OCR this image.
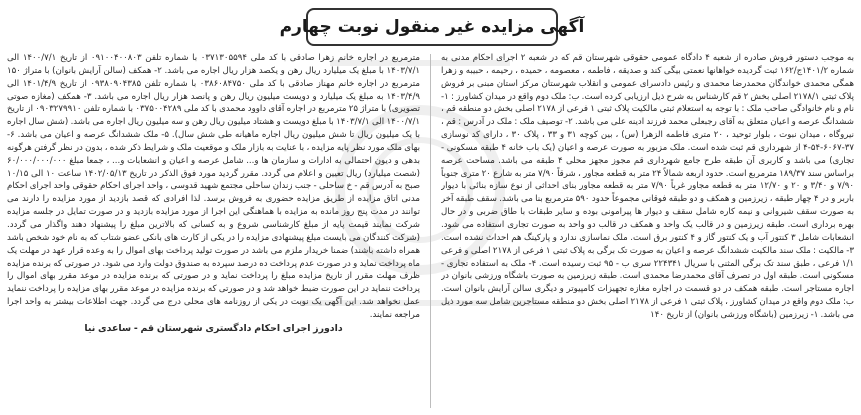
آگهی مزایده غیر منقول نوبت چهارم
به موجب دستور فروش صادره از شعبه ۴ دادگاه عمومی حقوقی شهرستان قم که در شعبه ۲ اجرای احکام مدنی به شماره ۱۴۰۱/۲ج/۱۶۲ ثبت گردیده خواهانها نعمتی بیگی کند و صدیقه ، فاطمه ، معصومه ، حمیده ، رحیمه ، حبیبه و زهرا همگی محمدی خواندگان محمدرضا محمدی و رئیس دادسرای عمومی و انقلاب شهرستان مرکز استان مبنی بر فروش پلاک ثبتی ۲۱۷۸/۱ اصلی بخش ۲ قم کارشناس به شرح ذیل ارزیابی کرده است. ب: ملک دوم واقع در میدان کشاورز : ۱- نام و نام خانوادگی صاحب ملک : با توجه به استعلام ثبتی مالکیت پلاک ثبتی ۱ فرعی از ۲۱۷۸ اصلی بخش دو منطقه قم ، ششدانگ عرصه و اعیان متعلق به آقای رجبعلی محمد فرزند ادینه علی می باشد. ۲- توصیف ملک : ملک در آدرس : قم ، نیروگاه ، میدان نبوت ، بلوار توحید ، ۲۰ متری فاطمه الزهرا (س) ، بین کوچه ۳۱ و ۳۳ ، پلاک ۳۰ ، دارای کد نوسازی ۳۷-۶۰۶۷-۵۴-۴ از شهرداری قم ثبت شده است. ملک مزبور به صورت عرصه و اعیان (یک باب خانه ۴ طبقه مسکونی - تجاری) می باشد و کاربری آن طبقه طرح جامع شهرداری قم مجوز مجهز محلی ۴ طبقه می باشد. مساحت عرصه براساس سند ۱۸۹/۳۷ مترمربع است. حدود اربعه شمالاً ۲۴ متر به قطعه مجاور ، شرقاً ۷/۹۰ متر به شارع ۲۰ متری جنوباً ۷/۹۰ و ۳/۴۰ و ۲۰ و ۱۲/۷۰ متر به قطعه مجاور غرباً ۷/۹۰ متر به قطعه مجاور بنای احداثی از نوع سازه بنائی با دیوار باربر و در ۴ چهار طبقه ، زیرزمین و همکف و دو طبقه فوقانی مجموعاً حدود ۵۹۰ مترمربع بنا می باشد. سقف طبقه آخر به صورت سقف شیروانی و نیمه کاره شامل سقف و دیوار ها پیرامونی بوده و سایر طبقات با طاق ضربی و در حال بهره برداری است. طبقه زیرزمین و در قالب یک واحد و همکف در قالب دو واحد به صورت تجاری استفاده می شود. انشعابات شامل ۳ کنتور آب و یک کنتور گاز و ۴ کنتور برق است. ملک نماسازی ندارد و پارکینگ هم احداث نشده است. ۳- مالکیت : ملک سند مالکیت ششدانگ عرصه و اعیان به صورت تک برگی به پلاک ثبتی ۱ فرعی از ۲۱۷۸ اصلی و فرعی ۱/۱ فرعی ، طبق سند تک برگی المثنی با سریال ۲۲۴۳۴۱ سری ب - ۹۵ ثبت رسیده است. ۴- ملک به استفاده تجاری - مسکونی است. طبقه اول در تصرف آقای محمدرضا محمدی است. طبقه زیرزمین به صورت باشگاه ورزشی بانوان در اجاره مستاجر است. طبقه همکف در دو قسمت در اجاره مغازه تجهیزات کامپیوتر و دیگری سالن آرایش بانوان است. ب: ملک دوم واقع در میدان کشاورز ، پلاک ثبتی ۱ فرعی از ۲۱۷۸ اصلی بخش دو منطقه مستاجرین شامل سه مورد ذیل می باشد. ۱- زیرزمین (باشگاه ورزشی بانوان) از تاریخ ۱۴۰
مترمربع در اجاره خانم زهرا صادقی با کد ملی ۰۳۷۱۳۰۵۵۹۴ با شماره تلفن ۰۹۱۰۰۴۰۰۸۰۳ از تاریخ ۱۴۰۰/۷/۱ الی ۱۴۰۳/۷/۱ با مبلغ یک میلیارد ریال رهن و یکصد هزار ریال اجاره می باشد. ۲- همکف (سالن آرایش بانوان) با متراژ ۱۵۰ مترمربع در اجاره خانم مهناز صادقی با کد ملی ۰۳۸۶۰۸۴۷۵۰ با شماره تلفن ۰۹۳۸۰۹۰۴۳۸۵ از تاریخ ۱۴۰۱/۴/۹ الی ۱۴۰۳/۴/۹ به مبلغ یک میلیارد و دویست میلیون ریال رهن و پانصد هزار ریال اجاره می باشد. ۳- همکف (مغازه صوتی تصویری) با متراژ ۲۵ مترمربع در اجاره آقای داوود محمدی با کد ملی ۰۳۷۵۰۰۴۲۸۹ با شماره تلفن ۰۹۰۳۲۷۹۹۱۰ از تاریخ ۱۴۰۰/۷/۱ الی ۱۴۰۳/۷/۱ با مبلغ دویست و هشتاد میلیون ریال رهن و سه میلیون ریال اجاره می باشد. (شش سال اجاره با یک میلیون ریال تا شش میلیون ریال اجاره ماهیانه طی شش سال). ۵- ملک ششدانگ عرصه و اعیان می باشد. ۶- بهای ملک مورد نظر پایه مزایده ، با عنایت به بازار ملک و موقعیت ملک و شرایط ذکر شده ، بدون در نظر گرفتن هرگونه بدهی و دیون احتمالی به ادارات و سازمان ها و... شامل عرصه و اعیان و انشعابات و... ، جمعا مبلغ ۶۰/۰۰۰/۰۰۰/۰۰۰ (شصت میلیارد) ریال تعیین و اعلام می گردد. مقرر گردید مورد فوق الذکر در تاریخ ۱۴۰۲/۰۵/۱۳ ساعت ۱۰ الی ۱۰/۱۵ صبح به آدرس قم - خ ساحلی - جنب زندان ساحلی مجتمع شهید قدوسی ، واحد اجرای احکام حقوقی واحد اجرای احکام مدنی اتاق مزایده از طریق مزایده حضوری به فروش برسد. لذا افرادی که قصد بازدید از مورد مزایده را دارند می توانند در مدت پنج روز مانده به مزایده با هماهنگی این اجرا از مورد مزایده بازدید و در صورت تمایل در جلسه مزایده شرکت نمایند قیمت پایه از مبلغ کارشناسی شروع و به کسانی که بالاترین مبلغ را پیشنهاد دهند واگذار می گردد. (شرکت کنندگان می بایست مبلغ پیشنهادی مزایده را در یکی از کارت های بانکی عضو شتاب که به نام خود شخص باشد همراه داشته باشند) ضمنا خریدار ملزم می باشد در صورت تولید پرداخت بهای اموال را به وعده قرار عهد در مهلت یک ماه پرداخت نماید و در صورت عدم پرداخت ده درصد سپرده به صندوق دولت وارد می شود. در صورتی که برنده مزایده ظرف مهلت مقرر از تاریخ مزایده مبلغ را پرداخت نماید و در صورتی که برنده مزایده در موعد مقرر بهای اموال را پرداخت ننماید در این صورت ضبط خواهد شد و در صورتی که برنده مزایده در موعد مقرر بهای مزایده را پرداخت ننماید عمل نخواهد شد. این آگهی یک نوبت در یکی از روزنامه های محلی درج می گردد. جهت اطلاعات بیشتر به واحد اجرا مراجعه نمایند.
دادورز اجرای احکام دادگستری شهرستان قم - ساعدی نیا
